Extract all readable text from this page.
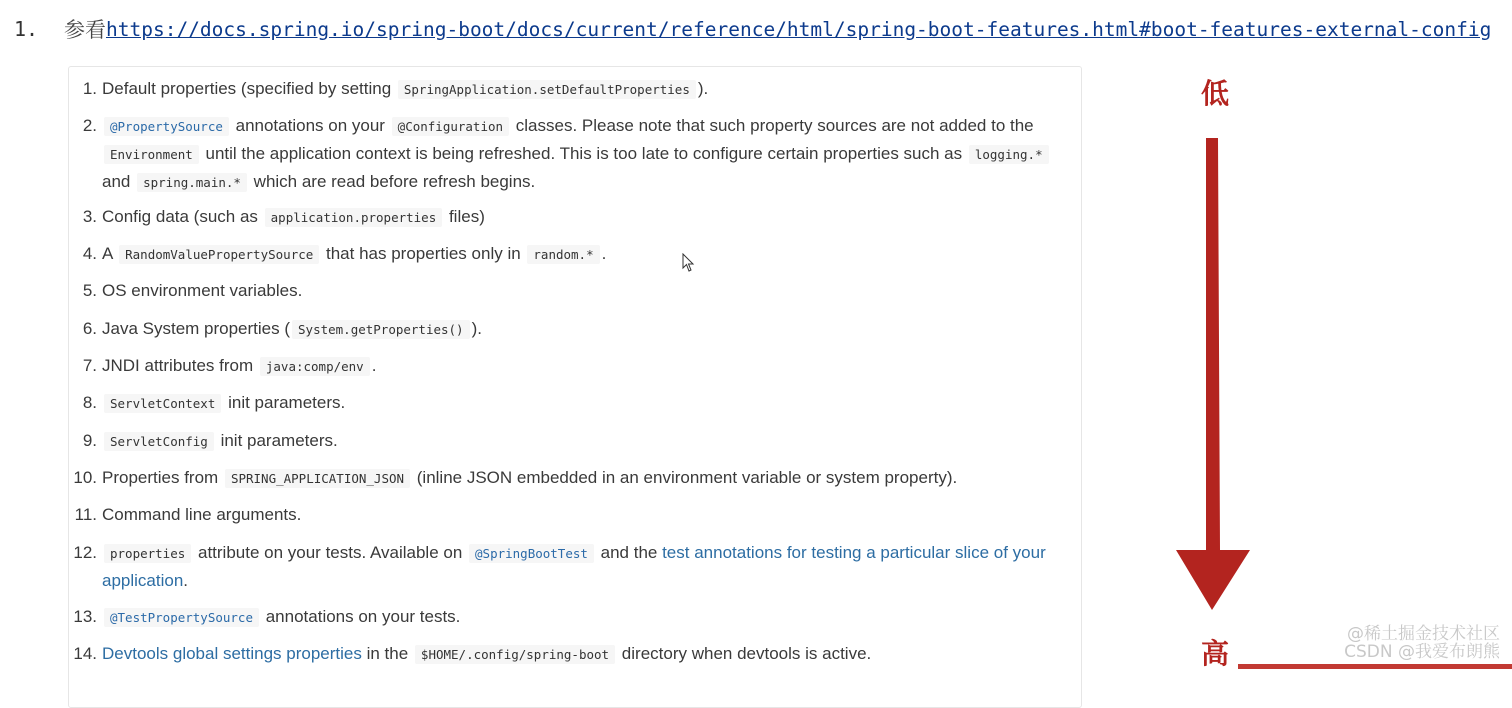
1.	参看 https://docs.spring.io/spring-boot/docs/current/reference/html/spring-boot-features.html#boot-features-external-config
1. Default properties (specified by setting SpringApplication.setDefaultProperties ).
2.	@PropertySource annotations on your @Configuration classes. Please note that such property sources are not added to the Environment until the application context is being refreshed. This is too late to configure certain properties such as logging.* and spring.main.* which are read before refresh begins.
3. Config data (such as application.properties files)
4. A RandomValuePropertySource that has properties only in random.* .
5. OS environment variables.
6. Java System properties ( System.getProperties() ).
7. JNDI attributes from java:comp/env .
8.	ServletContext init parameters.
9.	ServletConfig init parameters.
10. Properties from SPRING_APPLICATION_JSON (inline JSON embedded in an environment variable or system property).
11. Command line arguments.
12.	properties attribute on your tests. Available on @SpringBootTest and the test annotations for testing a particular slice of your application.
13.	@TestPropertySource annotations on your tests.
14. Devtools global settings properties in the $HOME/.config/spring-boot directory when devtools is active.
低
高
@稀土掘金技术社区
CSDN @我爱布朗熊
